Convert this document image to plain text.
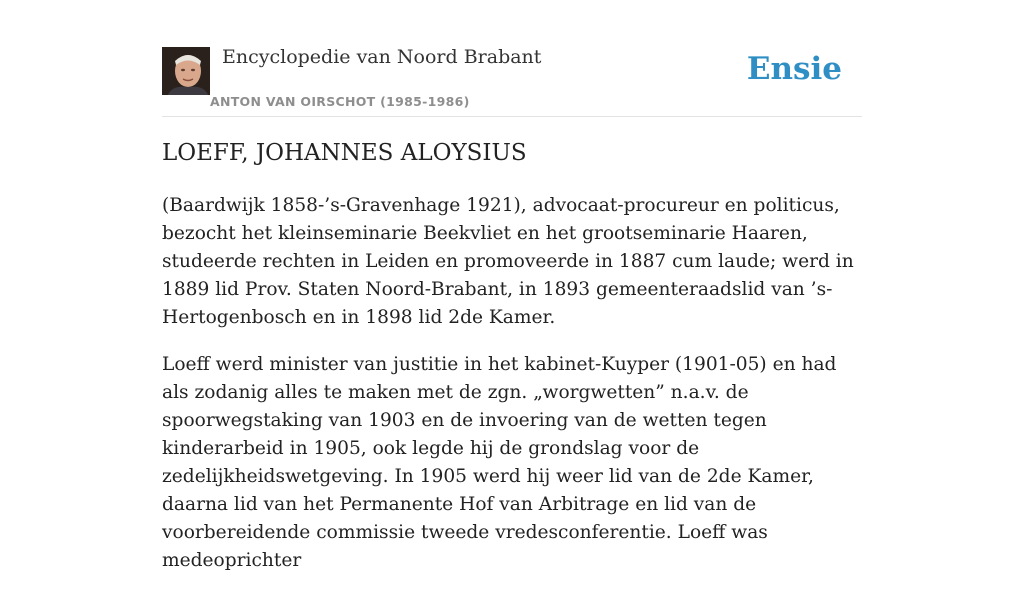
Encyclopedie van Noord Brabant
ANTON VAN OIRSCHOT (1985-1986)
Ensie
LOEFF, JOHANNES ALOYSIUS

(Baardwijk 1858-’s-Gravenhage 1921), advocaat-procureur en politicus, bezocht het kleinseminarie Beekvliet en het grootseminarie Haaren, studeerde rechten in Leiden en promoveerde in 1887 cum laude; werd in 1889 lid Prov. Staten Noord-Brabant, in 1893 gemeenteraadslid van ’s-Hertogenbosch en in 1898 lid 2de Kamer.

Loeff werd minister van justitie in het kabinet-Kuyper (1901-05) en had als zodanig alles te maken met de zgn. „worgwetten” n.a.v. de spoorwegstaking van 1903 en de invoering van de wetten tegen kinderarbeid in 1905, ook legde hij de grondslag voor de zedelijkheidswetgeving. In 1905 werd hij weer lid van de 2de Kamer, daarna lid van het Permanente Hof van Arbitrage en lid van de voorbereidende commissie tweede vredesconferentie. Loeff was medeoprichter
